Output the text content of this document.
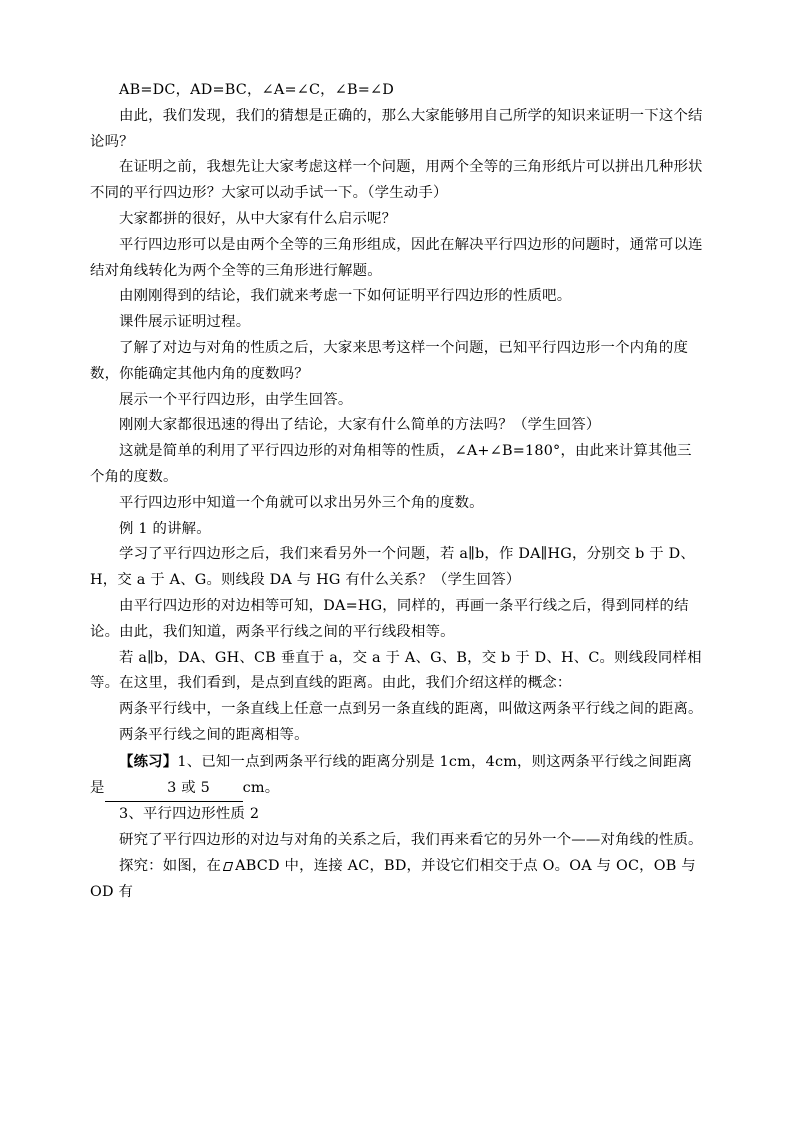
AB=DC，AD=BC，∠A=∠C，∠B=∠D

由此，我们发现，我们的猜想是正确的，那么大家能够用自己所学的知识来证明一下这个结论吗？

在证明之前，我想先让大家考虑这样一个问题，用两个全等的三角形纸片可以拼出几种形状不同的平行四边形？大家可以动手试一下。（学生动手）

大家都拼的很好，从中大家有什么启示呢？

平行四边形可以是由两个全等的三角形组成，因此在解决平行四边形的问题时，通常可以连结对角线转化为两个全等的三角形进行解题。

由刚刚得到的结论，我们就来考虑一下如何证明平行四边形的性质吧。

课件展示证明过程。

了解了对边与对角的性质之后，大家来思考这样一个问题，已知平行四边形一个内角的度数，你能确定其他内角的度数吗？

展示一个平行四边形，由学生回答。

刚刚大家都很迅速的得出了结论，大家有什么简单的方法吗？（学生回答）

这就是简单的利用了平行四边形的对角相等的性质，∠A+∠B=180°，由此来计算其他三个角的度数。

平行四边形中知道一个角就可以求出另外三个角的度数。

例 1 的讲解。

学习了平行四边形之后，我们来看另外一个问题，若 a∥b，作 DA∥HG，分别交 b 于 D、H，交 a 于 A、G。则线段 DA 与 HG 有什么关系？（学生回答）

由平行四边形的对边相等可知，DA=HG，同样的，再画一条平行线之后，得到同样的结论。由此，我们知道，两条平行线之间的平行线段相等。

若 a∥b，DA、GH、CB 垂直于 a，交 a 于 A、G、B，交 b 于 D、H、C。则线段同样相等。在这里，我们看到，是点到直线的距离。由此，我们介绍这样的概念：

两条平行线中，一条直线上任意一点到另一条直线的距离，叫做这两条平行线之间的距离。

两条平行线之间的距离相等。

【练习】1、已知一点到两条平行线的距离分别是 1cm，4cm，则这两条平行线之间距离是	3 或 5 cm。

3、平行四边形性质 2

研究了平行四边形的对边与对角的关系之后，我们再来看它的另外一个——对角线的性质。

探究：如图，在 ABCD 中，连接 AC，BD，并设它们相交于点 O。OA 与 OC，OB 与 OD 有
